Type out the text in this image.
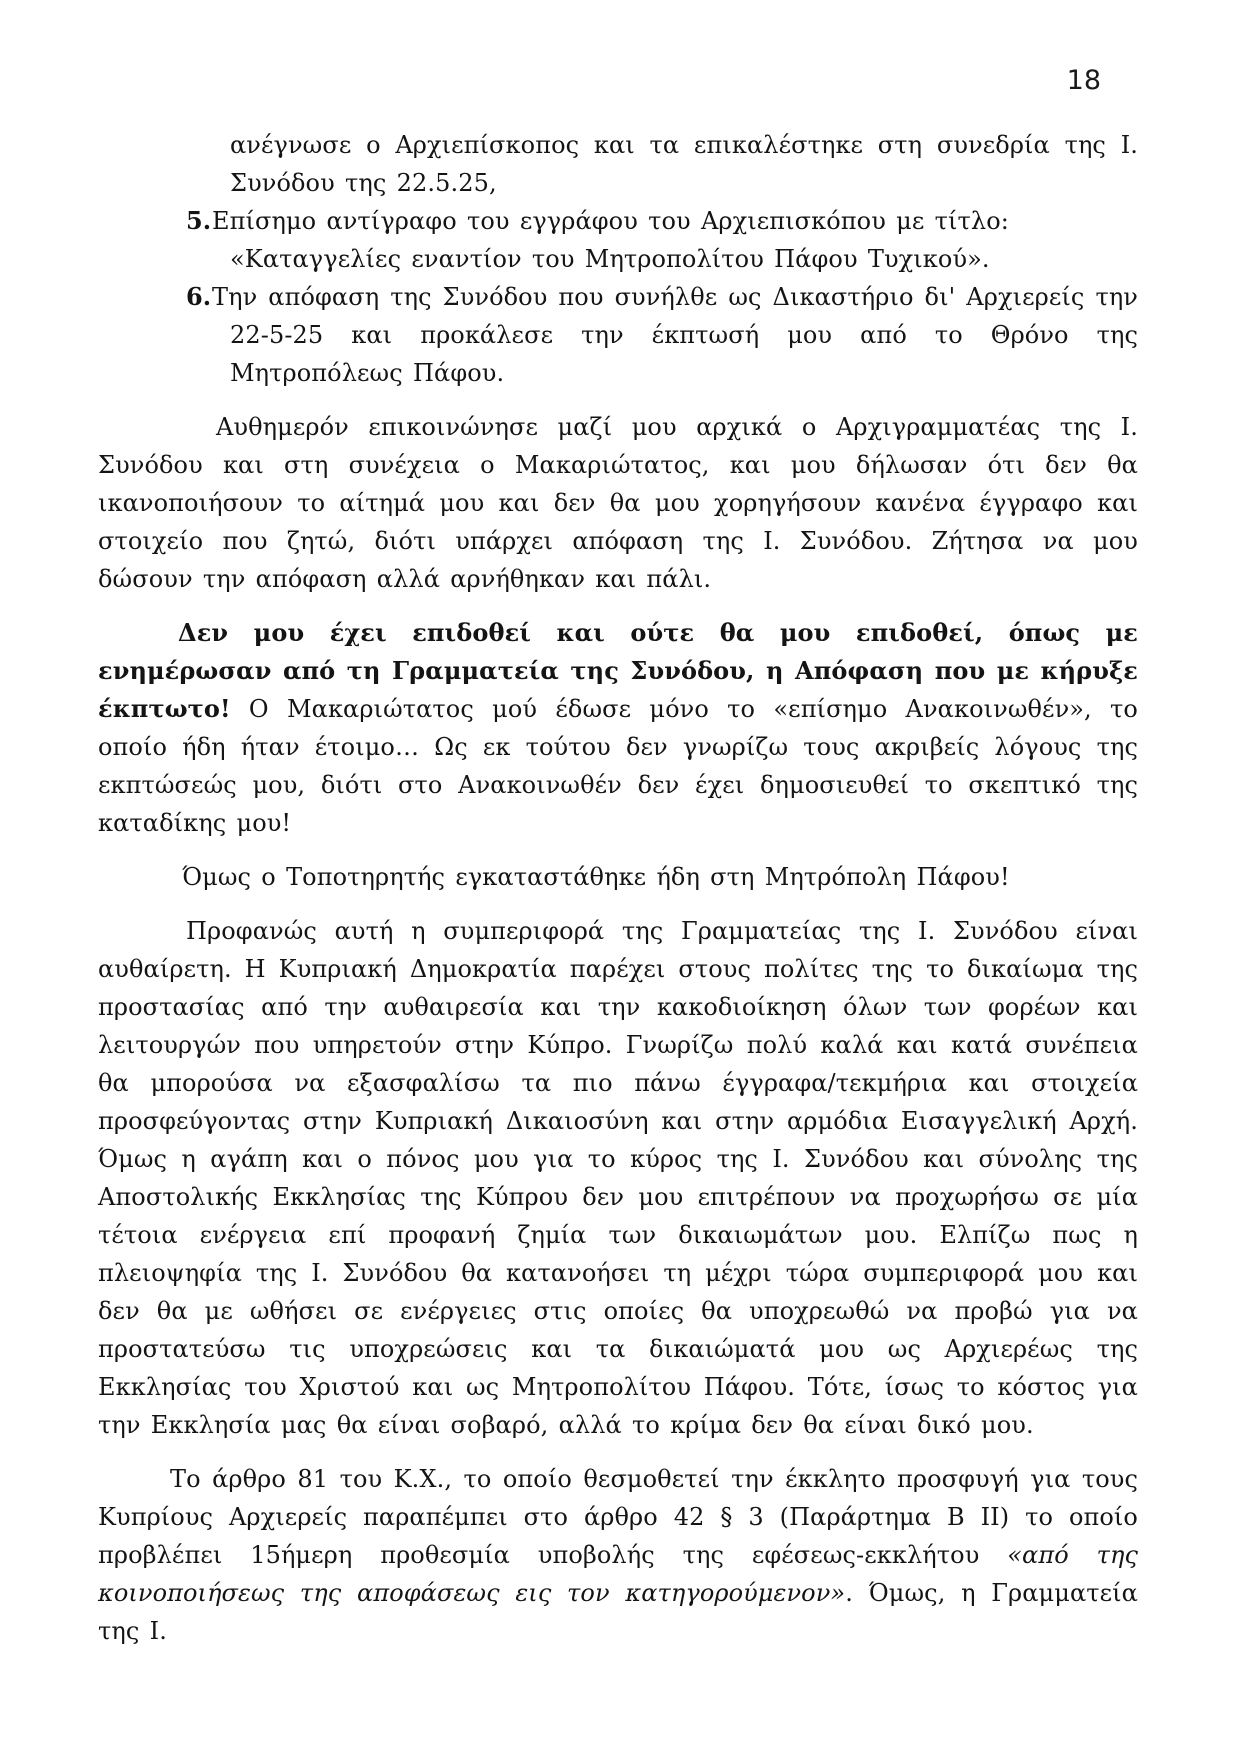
18
ανέγνωσε ο Αρχιεπίσκοπος και τα επικαλέστηκε στη συνεδρία της Ι. Συνόδου της 22.5.25,
5. Επίσημο αντίγραφο του εγγράφου του Αρχιεπισκόπου με τίτλο:
«Καταγγελίες εναντίον του Μητροπολίτου Πάφου Τυχικού».
6. Την απόφαση της Συνόδου που συνήλθε ως Δικαστήριο δι' Αρχιερείς την 22-5-25 και προκάλεσε την έκπτωσή μου από το Θρόνο της Μητροπόλεως Πάφου.

Αυθημερόν επικοινώνησε μαζί μου αρχικά ο Αρχιγραμματέας της Ι. Συνόδου και στη συνέχεια ο Μακαριώτατος, και μου δήλωσαν ότι δεν θα ικανοποιήσουν το αίτημά μου και δεν θα μου χορηγήσουν κανένα έγγραφο και στοιχείο που ζητώ, διότι υπάρχει απόφαση της Ι. Συνόδου. Ζήτησα να μου δώσουν την απόφαση αλλά αρνήθηκαν και πάλι.

Δεν μου έχει επιδοθεί και ούτε θα μου επιδοθεί, όπως με ενημέρωσαν από τη Γραμματεία της Συνόδου, η Απόφαση που με κήρυξε έκπτωτο! Ο Μακαριώτατος μού έδωσε μόνο το «επίσημο Ανακοινωθέν», το οποίο ήδη ήταν έτοιμο… Ως εκ τούτου δεν γνωρίζω τους ακριβείς λόγους της εκπτώσεώς μου, διότι στο Ανακοινωθέν δεν έχει δημοσιευθεί το σκεπτικό της καταδίκης μου!

Όμως ο Τοποτηρητής εγκαταστάθηκε ήδη στη Μητρόπολη Πάφου!

Προφανώς αυτή η συμπεριφορά της Γραμματείας της Ι. Συνόδου είναι αυθαίρετη. Η Κυπριακή Δημοκρατία παρέχει στους πολίτες της το δικαίωμα της προστασίας από την αυθαιρεσία και την κακοδιοίκηση όλων των φορέων και λειτουργών που υπηρετούν στην Κύπρο. Γνωρίζω πολύ καλά και κατά συνέπεια θα μπορούσα να εξασφαλίσω τα πιο πάνω έγγραφα/τεκμήρια και στοιχεία προσφεύγοντας στην Κυπριακή Δικαιοσύνη και στην αρμόδια Εισαγγελική Αρχή. Όμως η αγάπη και ο πόνος μου για το κύρος της Ι. Συνόδου και σύνολης της Αποστολικής Εκκλησίας της Κύπρου δεν μου επιτρέπουν να προχωρήσω σε μία τέτοια ενέργεια επί προφανή ζημία των δικαιωμάτων μου. Ελπίζω πως η πλειοψηφία της Ι. Συνόδου θα κατανοήσει τη μέχρι τώρα συμπεριφορά μου και δεν θα με ωθήσει σε ενέργειες στις οποίες θα υποχρεωθώ να προβώ για να προστατεύσω τις υποχρεώσεις και τα δικαιώματά μου ως Αρχιερέως της Εκκλησίας του Χριστού και ως Μητροπολίτου Πάφου. Τότε, ίσως το κόστος για την Εκκλησία μας θα είναι σοβαρό, αλλά το κρίμα δεν θα είναι δικό μου.

Το άρθρο 81 του Κ.Χ., το οποίο θεσμοθετεί την έκκλητο προσφυγή για τους Κυπρίους Αρχιερείς παραπέμπει στο άρθρο 42 § 3 (Παράρτημα Β ΙΙ) το οποίο προβλέπει 15ήμερη προθεσμία υποβολής της εφέσεως-εκκλήτου «από της κοινοποιήσεως της αποφάσεως εις τον κατηγορούμενον». Όμως, η Γραμματεία της Ι.
